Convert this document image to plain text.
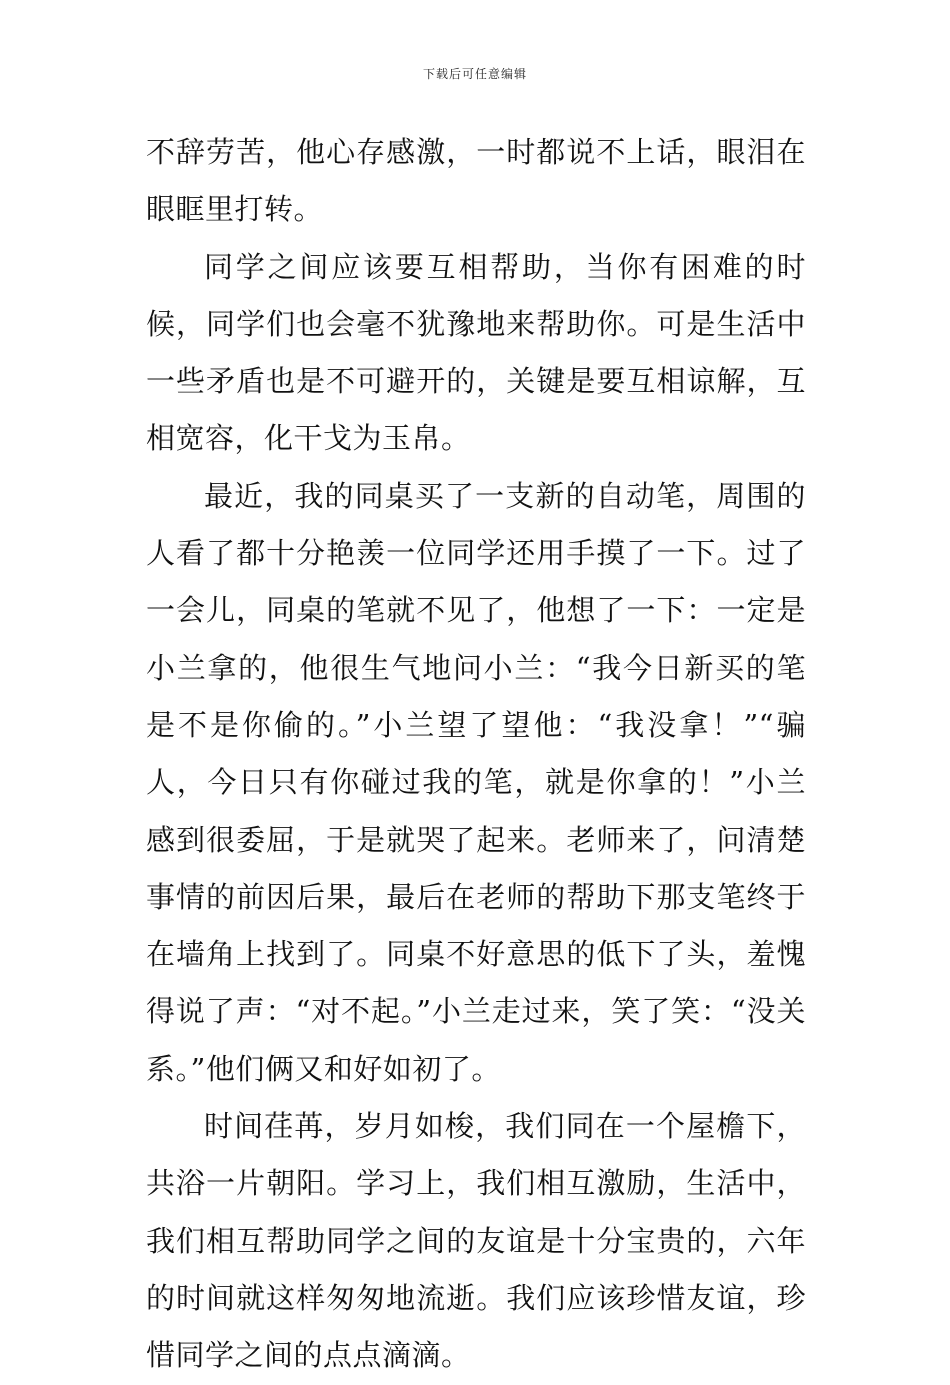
下载后可任意编辑

不辞劳苦，他心存感激，一时都说不上话，眼泪在眼眶里打转。

同学之间应该要互相帮助，当你有困难的时候，同学们也会毫不犹豫地来帮助你。可是生活中一些矛盾也是不可避开的，关键是要互相谅解，互相宽容，化干戈为玉帛。

最近，我的同桌买了一支新的自动笔，周围的人看了都十分艳羡一位同学还用手摸了一下。过了一会儿，同桌的笔就不见了，他想了一下：一定是小兰拿的，他很生气地问小兰：“我今日新买的笔是不是你偷的。”小兰望了望他：“我没拿！”“骗人，今日只有你碰过我的笔，就是你拿的！”小兰感到很委屈，于是就哭了起来。老师来了，问清楚事情的前因后果，最后在老师的帮助下那支笔终于在墙角上找到了。同桌不好意思的低下了头，羞愧得说了声：“对不起。”小兰走过来，笑了笑：“没关系。”他们俩又和好如初了。

时间荏苒，岁月如梭，我们同在一个屋檐下，共浴一片朝阳。学习上，我们相互激励，生活中，我们相互帮助同学之间的友谊是十分宝贵的，六年的时间就这样匆匆地流逝。我们应该珍惜友谊，珍惜同学之间的点点滴滴。
